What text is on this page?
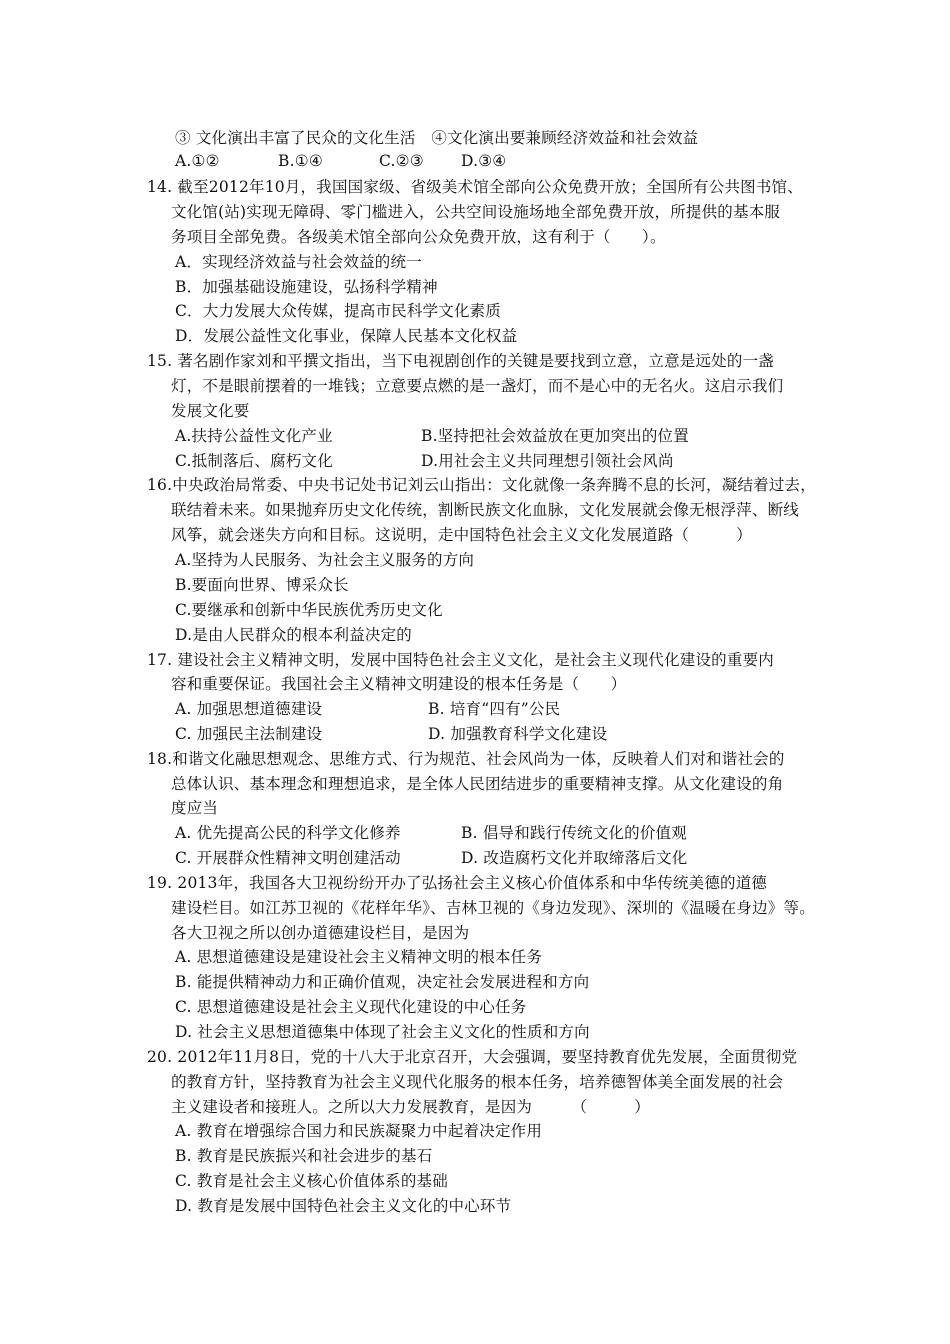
③ 文化演出丰富了民众的文化生活　④文化演出要兼顾经济效益和社会效益
A.①②	B.①④	C.②③ D.③④
14. 截至2012年10月，我国国家级、省级美术馆全部向公众免费开放；全国所有公共图书馆、
文化馆(站)实现无障碍、零门槛进入，公共空间设施场地全部免费开放，所提供的基本服
务项目全部免费。各级美术馆全部向公众免费开放，这有利于（　　）。
A．实现经济效益与社会效益的统一
B．加强基础设施建设，弘扬科学精神
C．大力发展大众传媒，提高市民科学文化素质
D．发展公益性文化事业，保障人民基本文化权益
15. 著名剧作家刘和平撰文指出，当下电视剧创作的关键是要找到立意，立意是远处的一盏
灯，不是眼前摆着的一堆钱；立意要点燃的是一盏灯，而不是心中的无名火。这启示我们
发展文化要
A.扶持公益性文化产业	B.坚持把社会效益放在更加突出的位置
C.抵制落后、腐朽文化	D.用社会主义共同理想引领社会风尚
16.中央政治局常委、中央书记处书记刘云山指出：文化就像一条奔腾不息的长河，凝结着过去，
联结着未来。如果抛弃历史文化传统，割断民族文化血脉，文化发展就会像无根浮萍、断线
风筝，就会迷失方向和目标。这说明，走中国特色社会主义文化发展道路（　　　）
A.坚持为人民服务、为社会主义服务的方向
B.要面向世界、博采众长
C.要继承和创新中华民族优秀历史文化
D.是由人民群众的根本利益决定的
17. 建设社会主义精神文明，发展中国特色社会主义文化，是社会主义现代化建设的重要内
容和重要保证。我国社会主义精神文明建设的根本任务是（　　）
A. 加强思想道德建设	B. 培育“四有”公民
C. 加强民主法制建设	D. 加强教育科学文化建设
18.和谐文化融思想观念、思维方式、行为规范、社会风尚为一体，反映着人们对和谐社会的
总体认识、基本理念和理想追求，是全体人民团结进步的重要精神支撑。从文化建设的角
度应当
A. 优先提高公民的科学文化修养	B. 倡导和践行传统文化的价值观
C. 开展群众性精神文明创建活动	D. 改造腐朽文化并取缔落后文化
19. 2013年，我国各大卫视纷纷开办了弘扬社会主义核心价值体系和中华传统美德的道德
建设栏目。如江苏卫视的《花样年华》、吉林卫视的《身边发现》、深圳的《温暖在身边》等。
各大卫视之所以创办道德建设栏目，是因为
A. 思想道德建设是建设社会主义精神文明的根本任务
B. 能提供精神动力和正确价值观，决定社会发展进程和方向
C. 思想道德建设是社会主义现代化建设的中心任务
D. 社会主义思想道德集中体现了社会主义文化的性质和方向
20. 2012年11月8日，党的十八大于北京召开，大会强调，要坚持教育优先发展，全面贯彻党
的教育方针，坚持教育为社会主义现代化服务的根本任务，培养德智体美全面发展的社会
主义建设者和接班人。之所以大力发展教育，是因为　　　（　　　）
A. 教育在增强综合国力和民族凝聚力中起着决定作用
B. 教育是民族振兴和社会进步的基石
C. 教育是社会主义核心价值体系的基础
D. 教育是发展中国特色社会主义文化的中心环节
